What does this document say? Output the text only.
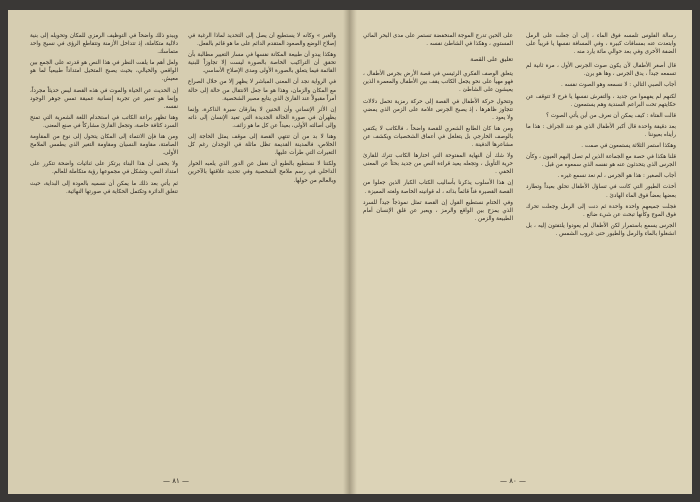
ويبدو ذلك واضحاً في التوظيف الرمزي للمكان وتحويله إلى بنية دلالية متكاملة، إذ تتداخل الأزمنة وتتقاطع الرؤى في نسيج واحد متماسك.

ولعل أهم ما يلفت النظر في هذا النص هو قدرته على الجمع بين الواقعي والخيالي، بحيث يصبح المتخيل امتداداً طبيعياً لما هو معيش.

إن الحديث عن الحياة والموت في هذه القصة ليس حديثاً مجرداً، وإنما هو تعبير عن تجربة إنسانية عميقة تمس جوهر الوجود نفسه.

وهنا تظهر براعة الكاتب في استخدام اللغة الشعرية التي تمنح السرد كثافة خاصة، وتجعل القارئ مشاركاً في صنع المعنى.

ومن هنا فإن الانتماء إلى المكان يتحول إلى نوع من المقاومة الصامتة، مقاومة النسيان ومقاومة التغير الذي يطمس الملامح الأولى.

ولا يخفى أن هذا البناء يرتكز على ثنائيات واضحة تتكرر على امتداد النص، وتشكل في مجموعها رؤية متكاملة للعالم.

ثم يأتي بعد ذلك ما يمكن أن نسميه بالعودة إلى البداية، حيث تنغلق الدائرة وتكتمل الحكاية في صورتها النهائية.

والغبر » وكأنه لا يستطيع أن يصل إلى التحديد لماذا الرغبة في إصلاح الوضع والصعود المتقدم الدائم على ما هو قائم بالفعل.

وهكذا يبدو أن طبيعة المكانة نفسها في مسار التغيير مطالبة بأن تحقق أن التراكيب الخاصة بالصورة ليست إلا تجاوزاً للبنية القائمة فيما يتعلق بالصورة الأولى ومدى الإصلاح الأساسي.

في الرواية نجد أن المعنى المباشر لا يظهر إلا من خلال الصراع مع المكان والزمان، وهذا هو ما جعل الانتقال من حالة إلى حالة أمراً مقبولاً عند القارئ الذي يتابع مصير الشخصية.

إن الأثر الإنساني وأن الحنين لا يفارقان سيرة الذاكرة، وإنما يظهران في صورة الحالة الجديدة التي تعيد الإنسان إلى ذاته وإلى أصالته الأولى، بعيداً عن كل ما هو زائف.

وهنا لا بد من أن تنتهي القصة إلى موقف يمثل الحاجة إلى الخلاص، فالمدينة القديمة تظل ماثلة في الوجدان رغم كل التغيرات التي طرأت عليها.

ولكننا لا نستطيع بالطبع أن نغفل عن الدور الذي يلعبه الحوار الداخلي في رسم ملامح الشخصية وفي تحديد علاقتها بالآخرين وبالعالم من حولها.

— ٨١ —
على الحين تدرج الموجة المنخفضة تستمر على مدى البحر المائي المستوي ، وهكذا في الشاطئ نفسه .
تعليق على القصة

يتعلق الوصف الفكري الرئيسي في قصة الأرض بجرس الأطفال ، فهو مهيأ على نحو يجعل الكاتب يقف بين الأطفال والمعمرة الذين يعيشون على الشاطئ .

وتتحول حركة الأطفال في القصة إلى حركة رمزية تحمل دلالات تتجاوز ظاهرها ، إذ يصبح الجرس علامة على الزمن الذي يمضي ولا يعود .

ومن هنا كان الطابع الشعري للقصة واضحاً ، فالكاتب لا يكتفي بالوصف الخارجي بل يتغلغل في أعماق الشخصيات ويكشف عن مشاعرها الدفينة .

ولا شك أن النهاية المفتوحة التي اختارها الكاتب تترك للقارئ حرية التأويل ، وتجعله يعيد قراءة النص من جديد بحثاً عن المعنى الخفي .

إن هذا الأسلوب يذكرنا بأساليب الكتاب الكبار الذين جعلوا من القصة القصيرة فناً قائماً بذاته ، له قوانينه الخاصة ولغته المميزة .

وفي الختام نستطيع القول إن القصة تمثل نموذجاً جيداً للسرد الذي يمزج بين الواقع والرمز ، ويعبر عن قلق الإنسان أمام الطبيعة والزمن .

رسالة الفلوس تلمسه فوق الماء ، إلى أن جعلت على الرمل وابتعدت عنه بمسافات كبيرة ، وفي المسافة نفسها يا قريباً على الضفة الأخرى وفي بعد حوالي مائة يارد منه .

قال أصغر الأطفال لأن يكون صوت الجرس الأول ، مرة ثانية لم تسمعه جيداً ، يدق الجرس ، وها هو يرن.

أجاب الصبي التالي : لا نسمعه وهو الصوت نفسه .

لكنهم لم يفهموا من جديد ، والتفرش نفسها يا فرح لا تتوقف عن حكايتهم تحت البراعم السندية وهم يستمعون .

قالت الفتاة : كيف يمكن أن نعرف من أين يأتي الصوت ؟

بعد دقيقة واحدة قال أكبر الأطفال الذي هو عند الجراف : هذا ما رأيناه بعيوننا .

وهكذا استمر الثلاثة يستمعون في صمت .

قلنا هكذا في حصة مع الجماعة الذين لم تصل إليهم العيون ، وكأن الجرس الذي يتحدثون عنه هو نفسه الذي سمعوه من قبل .

أجاب الصغير : هذا هو الجرس ، لم نعد نسمع غيره .

أخذت الطيور التي كانت في تساؤل الأطفال تحلق بعيداً وتطارد بعضها بعضاً فوق الماء الهادئ .

فجلت جميعهم واحدة واحدة ثم دنت إلى الرمل وجعلت تحرك فوق الموج وكأنها تبحث عن شيء ضائع .

الجرس يسمع باستمرار لكن الأطفال لم يعودوا يلتفتون إليه ، بل انشغلوا بالماء والرمل والطيور حتى غروب الشمس .

— ٨٠ —
